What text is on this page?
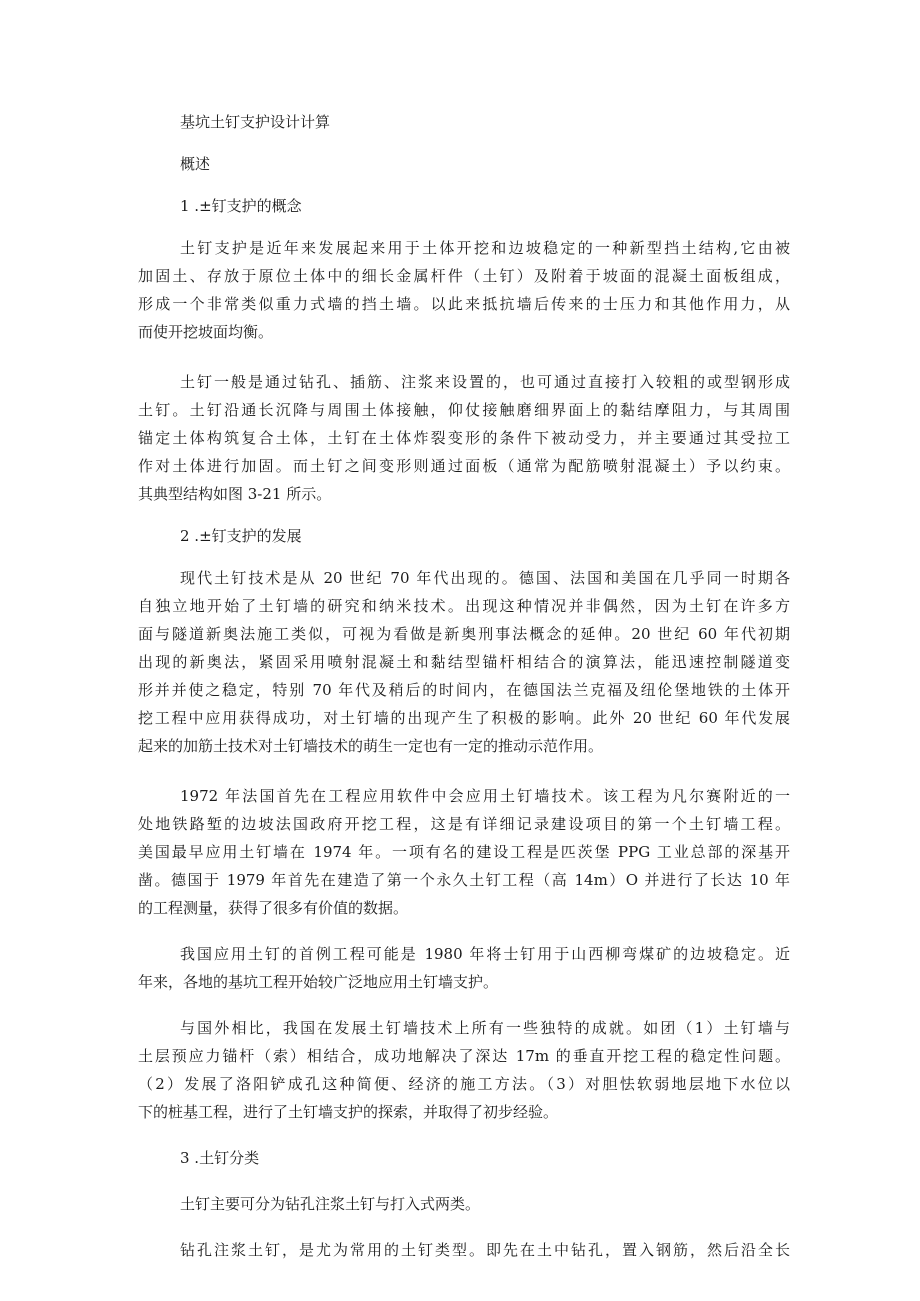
基坑土钉支护设计计算

概述

1 .±钉支护的概念

土钉支护是近年来发展起来用于土体开挖和边坡稳定的一种新型挡土结构,它由被

加固土、存放于原位土体中的细长金属杆件（土钉）及附着于坡面的混凝土面板组成，

形成一个非常类似重力式墙的挡土墙。以此来抵抗墙后传来的士压力和其他作用力，从

而使开挖坡面均衡。

土钉一般是通过钻孔、插筋、注浆来设置的，也可通过直接打入较粗的或型钢形成

土钉。土钉沿通长沉降与周围土体接触，仰仗接触磨细界面上的黏结摩阻力，与其周围

锚定土体构筑复合土体，土钉在土体炸裂变形的条件下被动受力，并主要通过其受拉工

作对土体进行加固。而土钉之间变形则通过面板（通常为配筋喷射混凝土）予以约束。

其典型结构如图 3-21 所示。

2 .±钉支护的发展

现代土钉技术是从 20 世纪 70 年代出现的。德国、法国和美国在几乎同一时期各

自独立地开始了土钉墙的研究和纳米技术。出现这种情况并非偶然，因为土钉在许多方

面与隧道新奥法施工类似，可视为看做是新奥刑事法概念的延伸。20 世纪 60 年代初期

出现的新奥法，紧固采用喷射混凝土和黏结型锚杆相结合的演算法，能迅速控制隧道变

形并并使之稳定，特别 70 年代及稍后的时间内，在德国法兰克福及纽伦堡地铁的土体开

挖工程中应用获得成功，对土钉墙的出现产生了积极的影响。此外 20 世纪 60 年代发展

起来的加筋土技术对土钉墙技术的萌生一定也有一定的推动示范作用。

1972 年法国首先在工程应用软件中会应用土钉墙技术。该工程为凡尔赛附近的一

处地铁路堑的边坡法国政府开挖工程，这是有详细记录建设项目的第一个土钉墙工程。

美国最早应用土钉墙在 1974 年。一项有名的建设工程是匹茨堡 PPG 工业总部的深基开

凿。德国于 1979 年首先在建造了第一个永久土钉工程（高 14m）O 并进行了长达 10 年

的工程测量，获得了很多有价值的数据。

我国应用土钉的首例工程可能是 1980 年将士钉用于山西柳弯煤矿的边坡稳定。近

年来，各地的基坑工程开始较广泛地应用土钉墙支护。

与国外相比，我国在发展土钉墙技术上所有一些独特的成就。如团（1）土钉墙与

土层预应力锚杆（索）相结合，成功地解决了深达 17m 的垂直开挖工程的稳定性问题。

（2）发展了洛阳铲成孔这种简便、经济的施工方法。（3）对胆怯软弱地层地下水位以

下的桩基工程，进行了土钉墙支护的探索，并取得了初步经验。

3 .土钉分类

土钉主要可分为钻孔注浆土钉与打入式两类。

钻孔注浆土钉，是尤为常用的土钉类型。即先在土中钻孔，置入钢筋，然后沿全长
